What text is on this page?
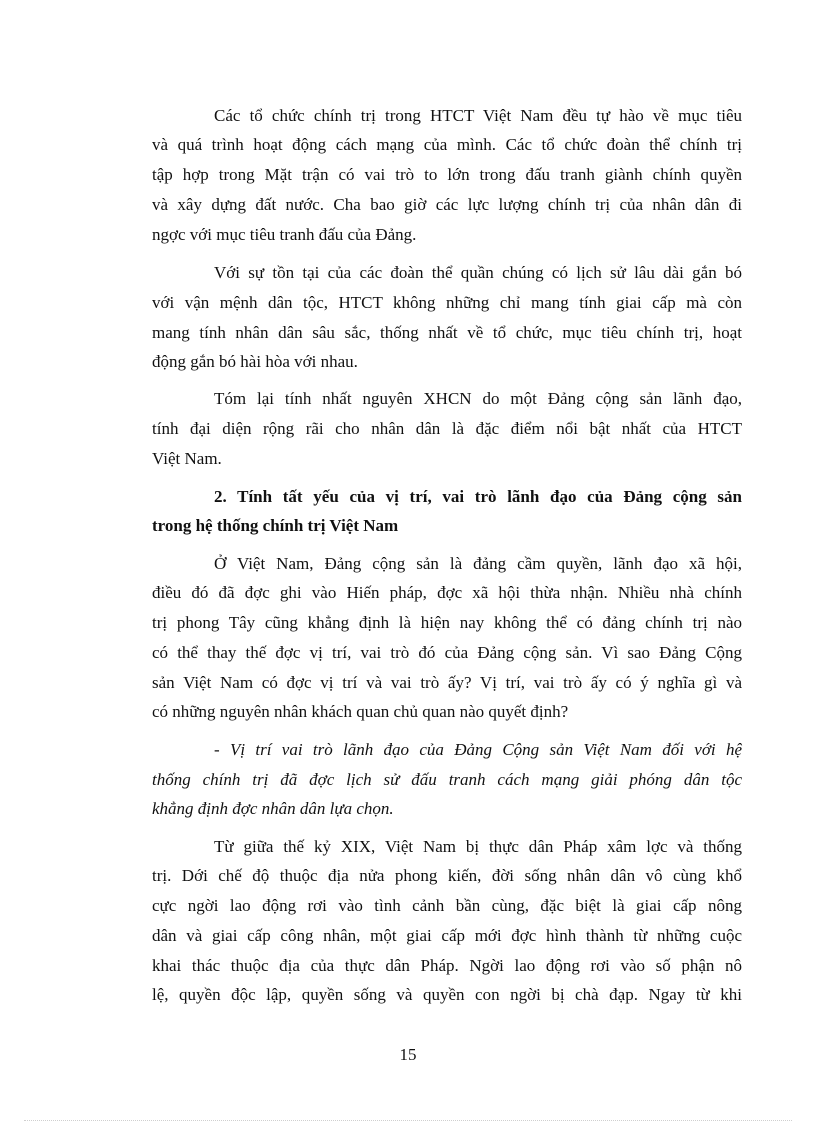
Các tổ chức chính trị trong HTCT Việt Nam đều tự hào về mục tiêu
và quá trình hoạt động cách mạng của mình. Các tổ chức đoàn thể chính trị
tập hợp trong Mặt trận có vai trò to lớn trong đấu tranh giành chính quyền
và xây dựng đất nước. Cha bao giờ các lực lượng chính trị của nhân dân đi
ngợc với mục tiêu tranh đấu của Đảng.
Với sự tồn tại của các đoàn thể quần chúng có lịch sử lâu dài gắn bó
với vận mệnh dân tộc, HTCT không những chỉ mang tính giai cấp mà còn
mang tính nhân dân sâu sắc, thống nhất về tổ chức, mục tiêu chính trị, hoạt
động gắn bó hài hòa với nhau.
Tóm lại tính nhất nguyên XHCN do một Đảng cộng sản lãnh đạo,
tính đại diện rộng rãi cho nhân dân là đặc điểm nổi bật nhất của HTCT
Việt Nam.
2. Tính tất yếu của vị trí, vai trò lãnh đạo của Đảng cộng sản
trong hệ thống chính trị Việt Nam
Ở Việt Nam, Đảng cộng sản là đảng cầm quyền, lãnh đạo xã hội,
điều đó đã đợc ghi vào Hiến pháp, đợc xã hội thừa nhận. Nhiều nhà chính
trị phong Tây cũng khẳng định là hiện nay không thể có đảng chính trị nào
có thể thay thế đợc vị trí, vai trò đó của Đảng cộng sản. Vì sao Đảng Cộng
sản Việt Nam có đợc vị trí và vai trò ấy? Vị trí, vai trò ấy có ý nghĩa gì và
có những nguyên nhân khách quan chủ quan nào quyết định?
- Vị trí vai trò lãnh đạo của Đảng Cộng sản Việt Nam đối với hệ
thống chính trị đã đợc lịch sử đấu tranh cách mạng giải phóng dân tộc
khẳng định đợc nhân dân lựa chọn.
Từ giữa thế kỷ XIX, Việt Nam bị thực dân Pháp xâm lợc và thống
trị. Dới chế độ thuộc địa nửa phong kiến, đời sống nhân dân vô cùng khổ
cực ngời lao động rơi vào tình cảnh bần cùng, đặc biệt là giai cấp nông
dân và giai cấp công nhân, một giai cấp mới đợc hình thành từ những cuộc
khai thác thuộc địa của thực dân Pháp. Ngời lao động rơi vào số phận nô
lệ, quyền độc lập, quyền sống và quyền con ngời bị chà đạp. Ngay từ khi
15
